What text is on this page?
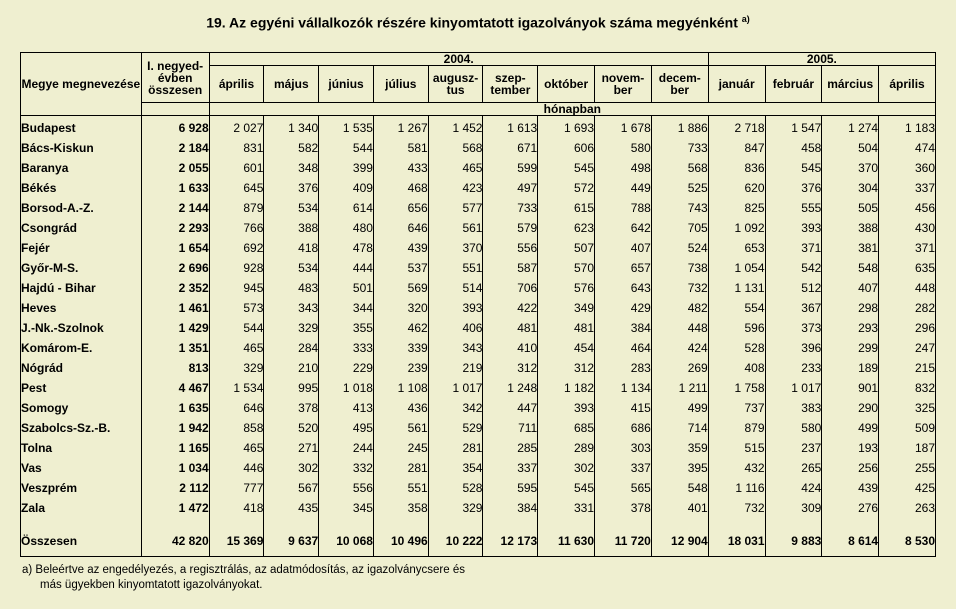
19. Az egyéni vállalkozók részére kinyomtatott igazolványok száma megyénként $^{a)}$
Megye megnevezése	I. negyed-évben összesen	2004.									2005.			
		április	május	június	július	augusz-tus	szep-tember	október	novem-ber	decem-ber	január	február	március	április
		hónapban												
Budapest	6 928	2 027	1 340	1 535	1 267	1 452	1 613	1 693	1 678	1 886	2 718	1 547	1 274	1 183
Bács-Kiskun	2 184	831	582	544	581	568	671	606	580	733	847	458	504	474
Baranya	2 055	601	348	399	433	465	599	545	498	568	836	545	370	360
Békés	1 633	645	376	409	468	423	497	572	449	525	620	376	304	337
Borsod-A.-Z.	2 144	879	534	614	656	577	733	615	788	743	825	555	505	456
Csongrád	2 293	766	388	480	646	561	579	623	642	705	1 092	393	388	430
Fejér	1 654	692	418	478	439	370	556	507	407	524	653	371	381	371
Győr-M-S.	2 696	928	534	444	537	551	587	570	657	738	1 054	542	548	635
Hajdú - Bihar	2 352	945	483	501	569	514	706	576	643	732	1 131	512	407	448
Heves	1 461	573	343	344	320	393	422	349	429	482	554	367	298	282
J.-Nk.-Szolnok	1 429	544	329	355	462	406	481	481	384	448	596	373	293	296
Komárom-E.	1 351	465	284	333	339	343	410	454	464	424	528	396	299	247
Nógrád	813	329	210	229	239	219	312	312	283	269	408	233	189	215
Pest	4 467	1 534	995	1 018	1 108	1 017	1 248	1 182	1 134	1 211	1 758	1 017	901	832
Somogy	1 635	646	378	413	436	342	447	393	415	499	737	383	290	325
Szabolcs-Sz.-B.	1 942	858	520	495	561	529	711	685	686	714	879	580	499	509
Tolna	1 165	465	271	244	245	281	285	289	303	359	515	237	193	187
Vas	1 034	446	302	332	281	354	337	302	337	395	432	265	256	255
Veszprém	2 112	777	567	556	551	528	595	545	565	548	1 116	424	439	425
Zala	1 472	418	435	345	358	329	384	331	378	401	732	309	276	263

Összesen	42 820	15 369	9 637	10 068	10 496	10 222	12 173	11 630	11 720	12 904	18 031	9 883	8 614	8 530
a) Beleértve az engedélyezés, a regisztrálás, az adatmódosítás, az igazolványcsere és
más ügyekben kinyomtatott igazolványokat.
